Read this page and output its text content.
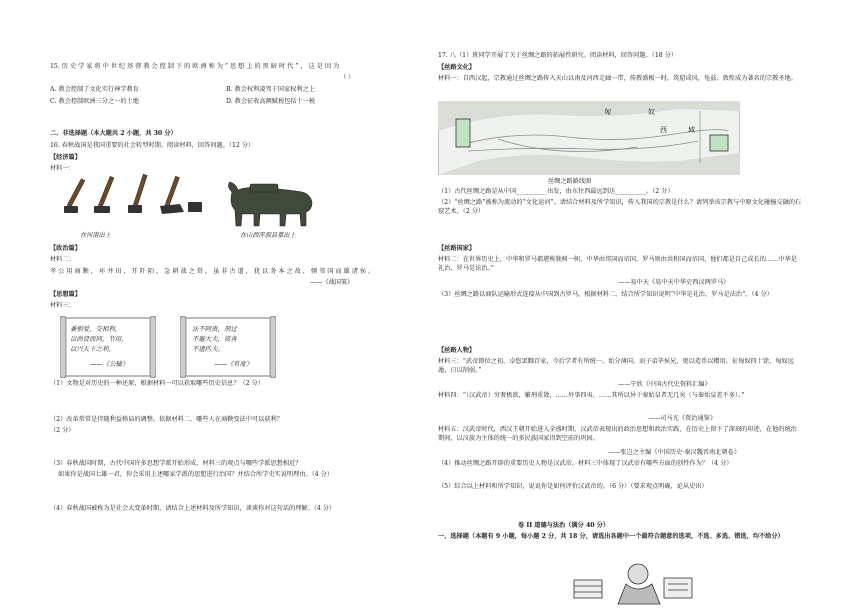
15. 历 史 学 家 将 中 世 纪 基 督 教 会 控 制 下 的 欧 洲 称 为 “ 思 想 上 的 黑 暗 时 代 ” ， 这 是 因 为
（ ）
A. 教会控制了文化实行神学教育	B. 教会权利凌驾于国家权利之上
C. 教会控制欧洲三分之一的土地	D. 教会征收高额赋税包括十一税
二、非选择题（本大题共 2 小题，共 30 分）
16. 春秋战国是我国重要的社会转型时期。阅读材料，回答问题。（12 分）
【经济篇】
材料一：
在河南出土	在山西浑源县墓出土
【政治篇】
材料二：
孝 公 用 商 鞅 ， 坏 井 田 ， 开 阡 陌 ， 急 耕 战 之 赏 ， 虽 非 古 道 ， 犹 以 务 本 之 故 ， 倾 邻 国 而 雄 诸 侯 。
——《战国策》
【思想篇】
材料三：
兼相爱，交相利，
以尚贤而同，节用，
以兴天下之利。
——《公输》
法不阿贵，刑过
不避大夫，赏善
不遗匹夫。
——《有度》
（1）文物是对历史的一种还原，根据材料一可以获取哪些历史信息？（2 分）
（2）改革常常是伴随利益格局的调整。依据材料二，哪些人在商鞅变法中可以获利？
（2 分）
（3）春秋战国时期，古代中国许多思想学派开始形成，材料三的观点与哪些学派思想相近？
如果你是战国七雄一君，你会采用上述哪家学派的思想进行治国？并结合所学史实说明理由。（4 分）
（4）春秋战国被称为是社会大变革时期，请结合上述材料及所学知识，谈谈你对这句话的理解。（4 分）
17. 八（1）班同学开展了关于丝绸之路的拓展性研究。阅读材料，回答问题。（18 分）
【丝路文化】
材料一：自西汉起，宗教通过丝绸之路传入天山以南及河西走廊一带，传教盛极一时，筑窟成风，龟兹、敦煌成为著名的宗教圣地。
匈	奴
西	域
丝绸之路路线图
（1）古代丝绸之路是从中国__________出发，由东往西最远到达__________。（2 分）
（2）“丝绸之路”被称为流动的“文化运河”。请结合材料及所学知识，传入我国的宗教是什么？请列举该宗教与中原文化碰撞交融的石窟艺术。（2 分）
【丝路国家】
材料二：在世界历史上，中华和罗马都堪称独树一帜，中华由邦国而帝国，罗马则由共和国而帝国，他们都是自己成长的……中华是礼治，罗马是法治。”
——易中天《易中天中华史西汉两罗马》
（3）丝绸之路以商队运输形式连接从中国到古罗马。根据材料二，结合所学知识说明“中华是礼治，罗马是法治”。（4 分）
【丝路人物】
材料三：“武帝即位之初，卓悠罢黜百家，今后学者有所统一。始分薄国，而子弟毕侯兄，更以造币以赠用。征匈奴四十馀，匈奴远遁，日以削弱。”
——宁欣《中国古代史资料汇编》
材料四：“（汉武帝）穷奢极欲，繁刑重敛，……外事四夷，……其所以异于秦始皇者无几矣（与秦始皇差不多）。”
——司马光《资治通鉴》
材料五：汉武帝时代，西汉王朝开始进入全盛时期，汉武帝表现出的政治思想和政治实践，在历史上留下了深刻的印迹，在他的统治期间，以汉族为主体的统一的多民族国家得到空前的巩固。
——张岂之主编《中国历史·秦汉魏晋南北朝卷》
（4）推动丝绸之路开辟的重要历史人物是汉武帝，材料三中体现了汉武帝有哪些方面的创性作为？（4 分）
（5）综合以上材料和所学知识，说说你是如何评价汉武帝的。（6 分）（要求观点明确，论从史出）
卷 II 道德与法治（满分 40 分）
一、选择题（本题有 9 小题，每小题 2 分，共 18 分，请选出各题中一个最符合题意的选项，不选、多选、错选，均不给分）
